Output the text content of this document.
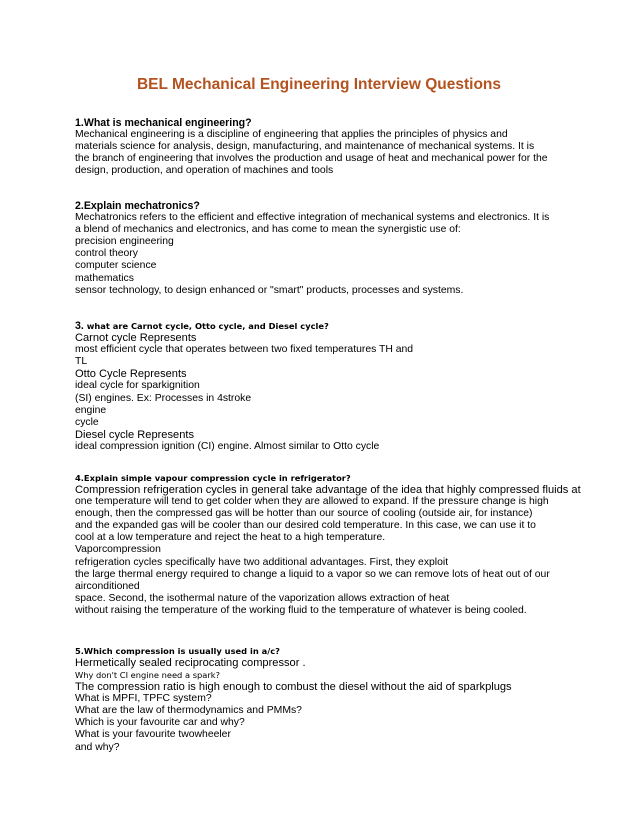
BEL Mechanical Engineering Interview Questions
1.What is mechanical engineering?
Mechanical engineering is a discipline of engineering that applies the principles of physics and
materials science for analysis, design, manufacturing, and maintenance of mechanical systems. It is
the branch of engineering that involves the production and usage of heat and mechanical power for the
design, production, and operation of machines and tools
2.Explain mechatronics?
Mechatronics refers to the efficient and effective integration of mechanical systems and electronics. It is
a blend of mechanics and electronics, and has come to mean the synergistic use of:
precision engineering
control theory
computer science
mathematics
sensor technology, to design enhanced or "smart" products, processes and systems.
3. what are Carnot cycle, Otto cycle, and Diesel cycle?
Carnot cycle Represents
most efficient cycle that operates between two fixed temperatures TH and
TL
Otto Cycle Represents
ideal cycle for sparkignition
(SI) engines. Ex: Processes in 4stroke
engine
cycle
Diesel cycle Represents
ideal compression ignition (CI) engine. Almost similar to Otto cycle
4.Explain simple vapour compression cycle in refrigerator?
Compression refrigeration cycles in general take advantage of the idea that highly compressed fluids at
one temperature will tend to get colder when they are allowed to expand. If the pressure change is high
enough, then the compressed gas will be hotter than our source of cooling (outside air, for instance)
and the expanded gas will be cooler than our desired cold temperature. In this case, we can use it to
cool at a low temperature and reject the heat to a high temperature.
Vaporcompression
refrigeration cycles specifically have two additional advantages. First, they exploit
the large thermal energy required to change a liquid to a vapor so we can remove lots of heat out of our
airconditioned
space. Second, the isothermal nature of the vaporization allows extraction of heat
without raising the temperature of the working fluid to the temperature of whatever is being cooled.
5.Which compression is usually used in a/c?
Hermetically sealed reciprocating compressor .
Why don't CI engine need a spark?
The compression ratio is high enough to combust the diesel without the aid of sparkplugs
What is MPFI, TPFC system?
What are the law of thermodynamics and PMMs?
Which is your favourite car and why?
What is your favourite twowheeler
and why?
